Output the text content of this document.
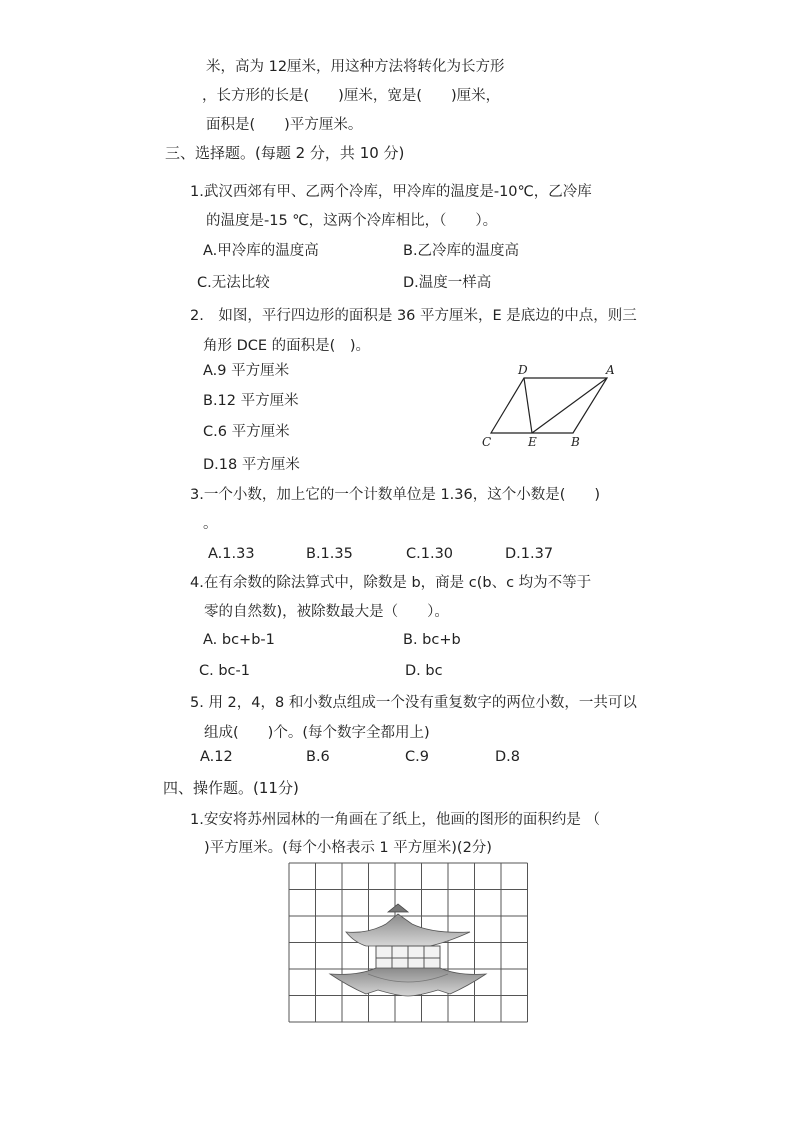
米，高为 12厘米，用这种方法将转化为长方形
，长方形的长是(　　)厘米，宽是(　　)厘米，
面积是(　　)平方厘米。
三、选择题。(每题 2 分，共 10 分)
1.武汉西郊有甲、乙两个冷库，甲冷库的温度是-10℃，乙冷库
的温度是-15 ℃，这两个冷库相比，（　　）。
A.甲冷库的温度高	B.乙冷库的温度高
C.无法比较	D.温度一样高
2.　如图，平行四边形的面积是 36 平方厘米，E 是底边的中点，则三
角形 DCE 的面积是(　)。
A.9 平方厘米
B.12 平方厘米
C.6 平方厘米
D.18 平方厘米
D	A
C	E	B
3.一个小数，加上它的一个计数单位是 1.36，这个小数是(　　)
。
A.1.33	B.1.35	C.1.30	D.1.37
4.在有余数的除法算式中，除数是 b，商是 c(b、c 均为不等于
零的自然数)，被除数最大是（　　）。
A. bc+b-1	B. bc+b
C. bc-1	D. bc
5. 用 2，4，8 和小数点组成一个没有重复数字的两位小数，一共可以
组成(　　)个。(每个数字全都用上)
A.12	B.6	C.9	D.8
四、操作题。(11分)
1.安安将苏州园林的一角画在了纸上，他画的图形的面积约是 （
)平方厘米。(每个小格表示 1 平方厘米)(2分)
